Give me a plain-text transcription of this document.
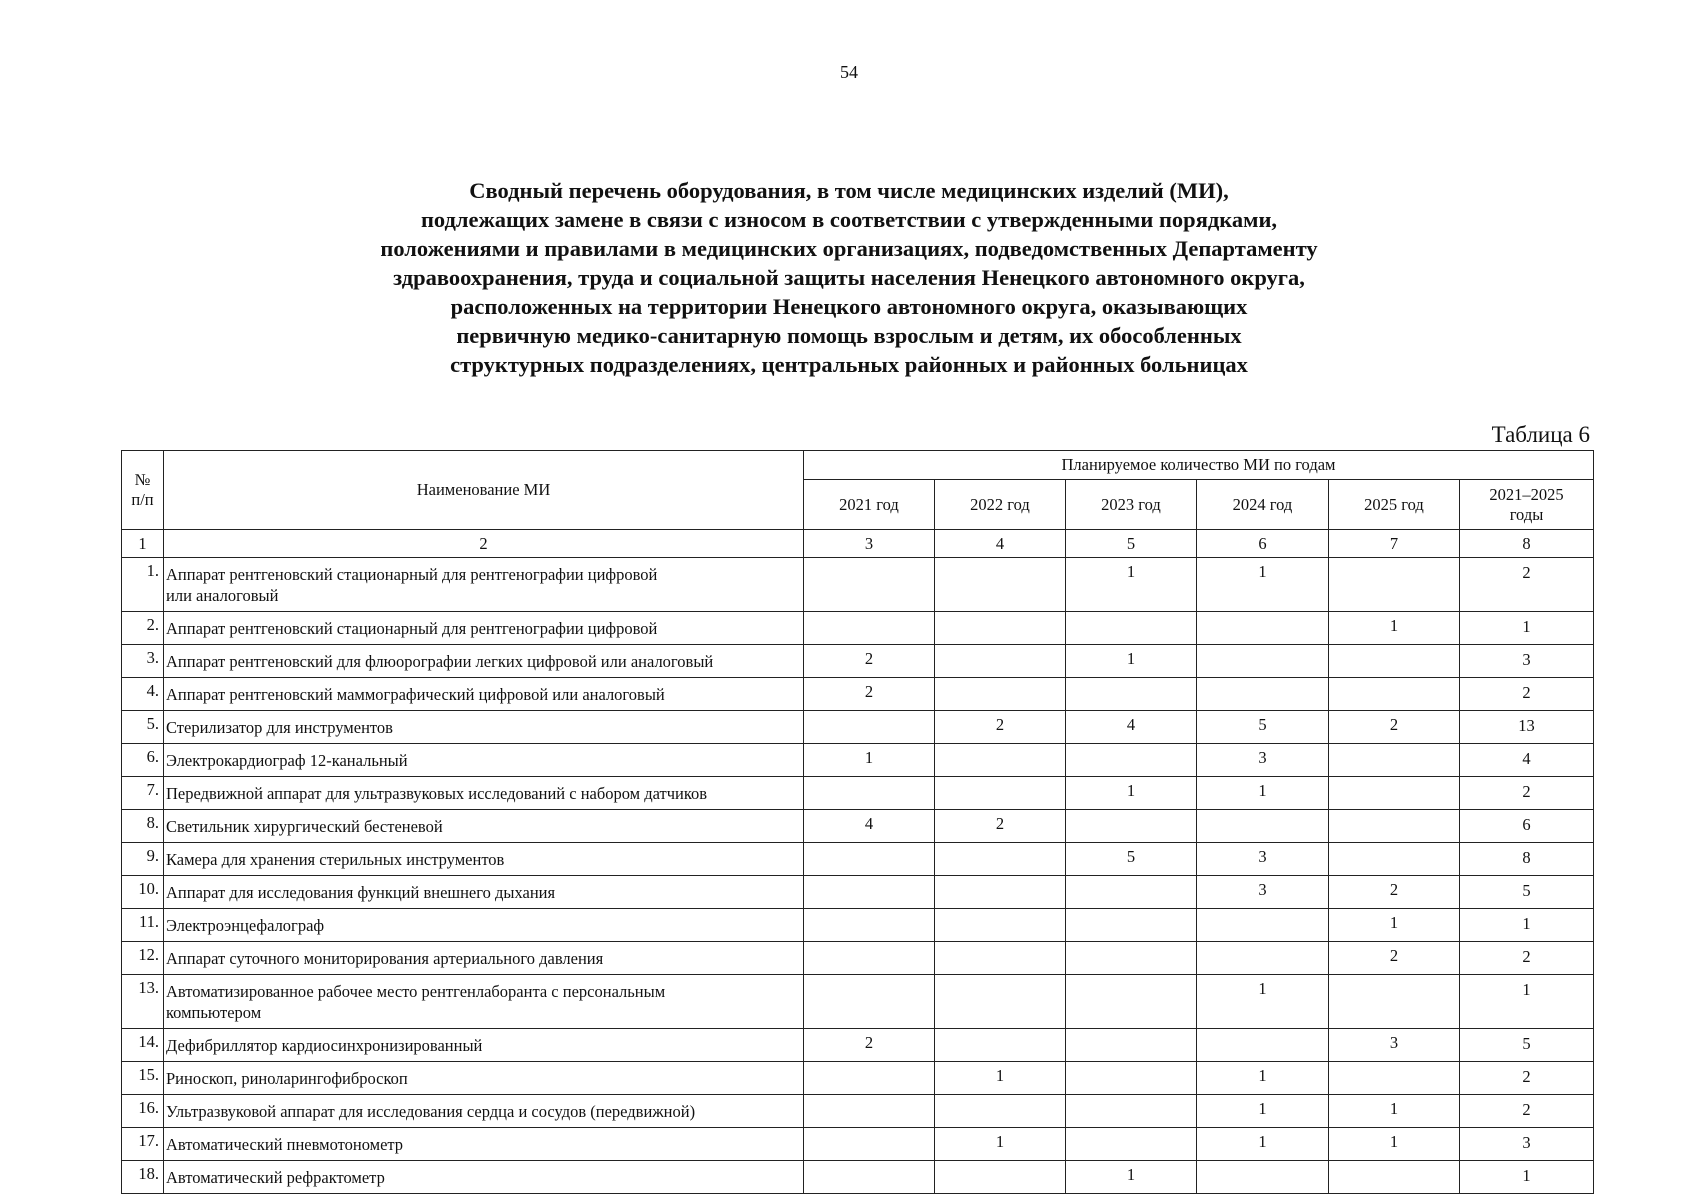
54
Сводный перечень оборудования, в том числе медицинских изделий (МИ),
подлежащих замене в связи с износом в соответствии с утвержденными порядками,
положениями и правилами в медицинских организациях, подведомственных Департаменту
здравоохранения, труда и социальной защиты населения Ненецкого автономного округа,
расположенных на территории Ненецкого автономного округа, оказывающих
первичную медико-санитарную помощь взрослым и детям, их обособленных
структурных подразделениях, центральных районных и районных больницах
Таблица 6
№
п/п	Наименование МИ	Планируемое количество МИ по годам					
		2021 год	2022 год	2023 год	2024 год	2025 год	2021–2025
годы

1	2	3	4	5	6	7	8
1.	Аппарат рентгеновский стационарный для рентгенографии цифровой
или аналоговый			1	1		2
2.	Аппарат рентгеновский стационарный для рентгенографии цифровой					1	1
3.	Аппарат рентгеновский для флюорографии легких цифровой или аналоговый	2		1			3
4.	Аппарат рентгеновский маммографический цифровой или аналоговый	2					2
5.	Стерилизатор для инструментов		2	4	5	2	13
6.	Электрокардиограф 12-канальный	1			3		4
7.	Передвижной аппарат для ультразвуковых исследований с набором датчиков			1	1		2
8.	Светильник хирургический бестеневой	4	2				6
9.	Камера для хранения стерильных инструментов			5	3		8
10.	Аппарат для исследования функций внешнего дыхания				3	2	5
11.	Электроэнцефалограф					1	1
12.	Аппарат суточного мониторирования артериального давления					2	2
13.	Автоматизированное рабочее место рентгенлаборанта с персональным
компьютером				1		1
14.	Дефибриллятор кардиосинхронизированный	2				3	5
15.	Риноскоп, риноларингофиброскоп		1		1		2
16.	Ультразвуковой аппарат для исследования сердца и сосудов (передвижной)				1	1	2
17.	Автоматический пневмотонометр		1		1	1	3
18.	Автоматический рефрактометр			1			1
